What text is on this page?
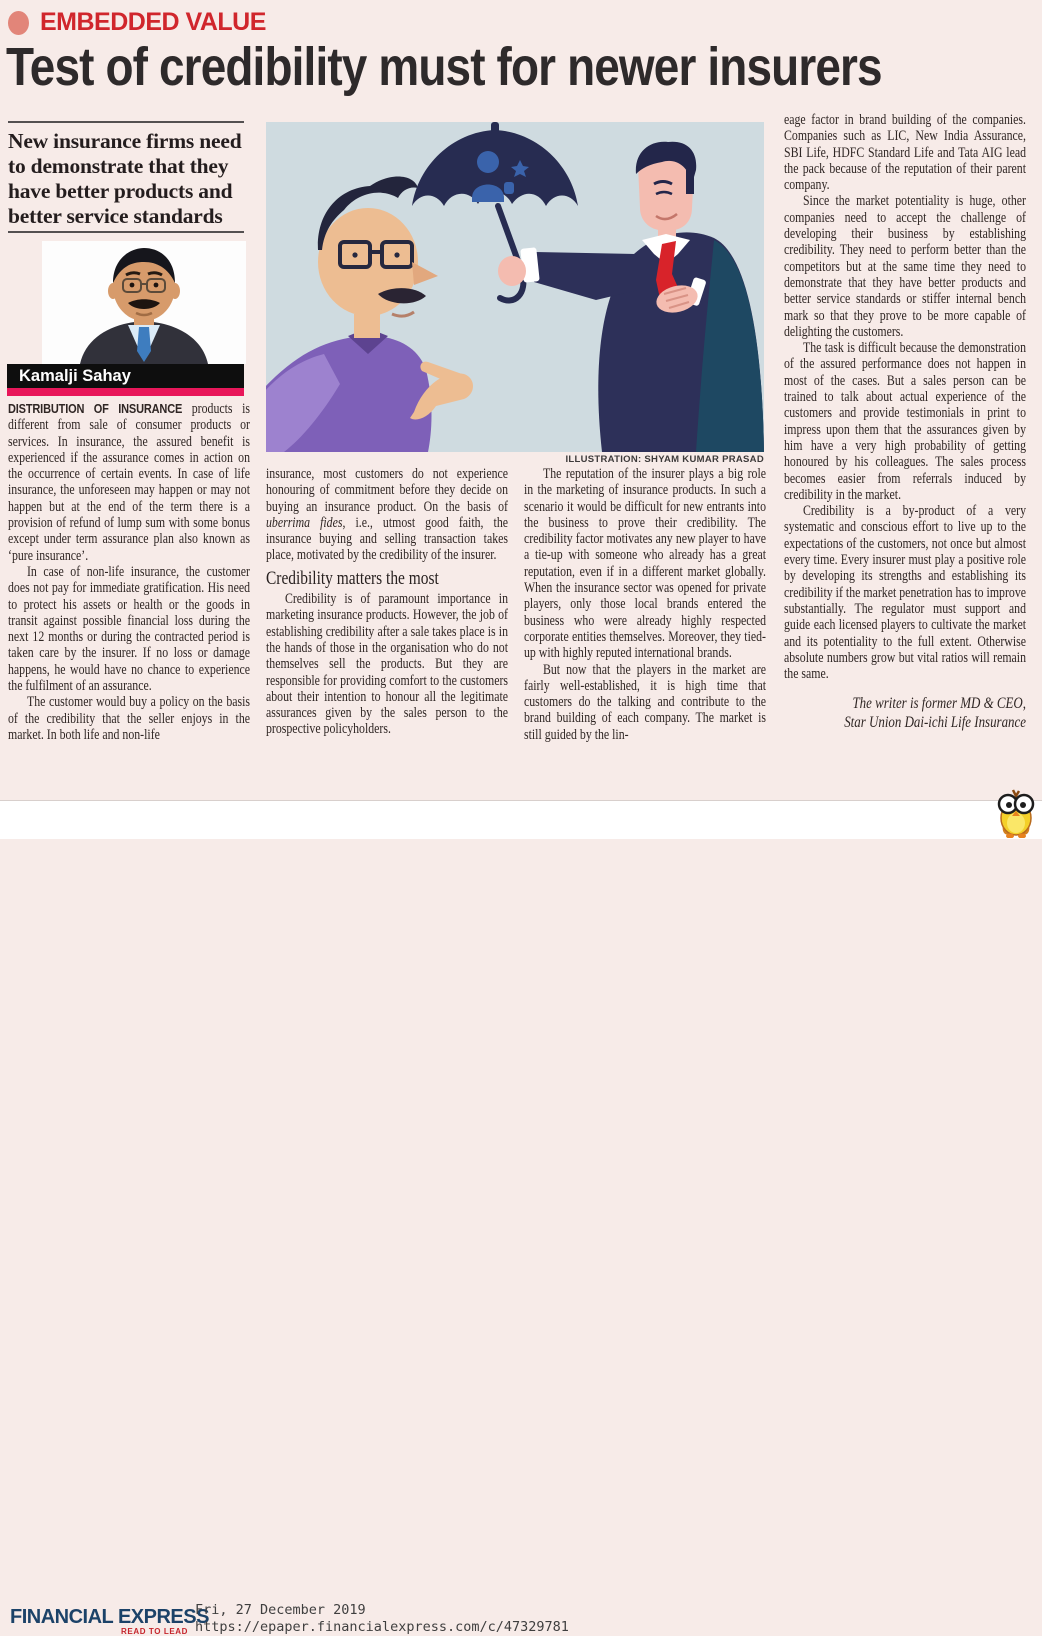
EMBEDDED VALUE
Test of credibility must for newer insurers

New insurance firms need to demonstrate that they have better products and better service standards

Kamalji Sahay
ILLUSTRATION: SHYAM KUMAR PRASAD

DISTRIBUTION OF INSURANCE products is different from sale of consumer products or services. In insurance, the assured benefit is experienced if the assurance comes in action on the occurrence of certain events. In case of life insurance, the unforeseen may happen or may not happen but at the end of the term there is a provision of refund of lump sum with some bonus except under term assurance plan also known as ‘pure insurance’.

In case of non-life insurance, the customer does not pay for immediate gratification. His need to protect his assets or health or the goods in transit against possible financial loss during the next 12 months or during the contracted period is taken care by the insurer. If no loss or damage happens, he would have no chance to experience the fulfilment of an assurance.

The customer would buy a policy on the basis of the credibility that the seller enjoys in the market. In both life and non-life

insurance, most customers do not experience honouring of commitment before they decide on buying an insurance product. On the basis of uberrima fides, i.e., utmost good faith, the insurance buying and selling transaction takes place, motivated by the credibility of the insurer.

Credibility matters the most

Credibility is of paramount importance in marketing insurance products. However, the job of establishing credibility after a sale takes place is in the hands of those in the organisation who do not themselves sell the products. But they are responsible for providing comfort to the customers about their intention to honour all the legitimate assurances given by the sales person to the prospective policyholders.

The reputation of the insurer plays a big role in the marketing of insurance products. In such a scenario it would be difficult for new entrants into the business to prove their credibility. The credibility factor motivates any new player to have a tie-up with someone who already has a great reputation, even if in a different market globally. When the insurance sector was opened for private players, only those local brands entered the business who were already highly respected corporate entities themselves. Moreover, they tied-up with highly reputed international brands.

But now that the players in the market are fairly well-established, it is high time that customers do the talking and contribute to the brand building of each company. The market is still guided by the lin-

eage factor in brand building of the companies. Companies such as LIC, New India Assurance, SBI Life, HDFC Standard Life and Tata AIG lead the pack because of the reputation of their parent company.

Since the market potentiality is huge, other companies need to accept the challenge of developing their business by establishing credibility. They need to perform better than the competitors but at the same time they need to demonstrate that they have better products and better service standards or stiffer internal bench mark so that they prove to be more capable of delighting the customers.

The task is difficult because the demonstration of the assured performance does not happen in most of the cases. But a sales person can be trained to talk about actual experience of the customers and provide testimonials in print to impress upon them that the assurances given by him have a very high probability of getting honoured by his colleagues. The sales process becomes easier from referrals induced by credibility in the market.

Credibility is a by-product of a very systematic and conscious effort to live up to the expectations of the customers, not once but almost every time. Every insurer must play a positive role by developing its strengths and establishing its credibility if the market penetration has to improve substantially. The regulator must support and guide each licensed players to cultivate the market and its potentiality to the full extent. Otherwise absolute numbers grow but vital ratios will remain the same.

The writer is former MD & CEO,
Star Union Dai-ichi Life Insurance
FINANCIAL EXPRESS
READ TO LEAD
Fri, 27 December 2019
https://epaper.financialexpress.com/c/47329781
